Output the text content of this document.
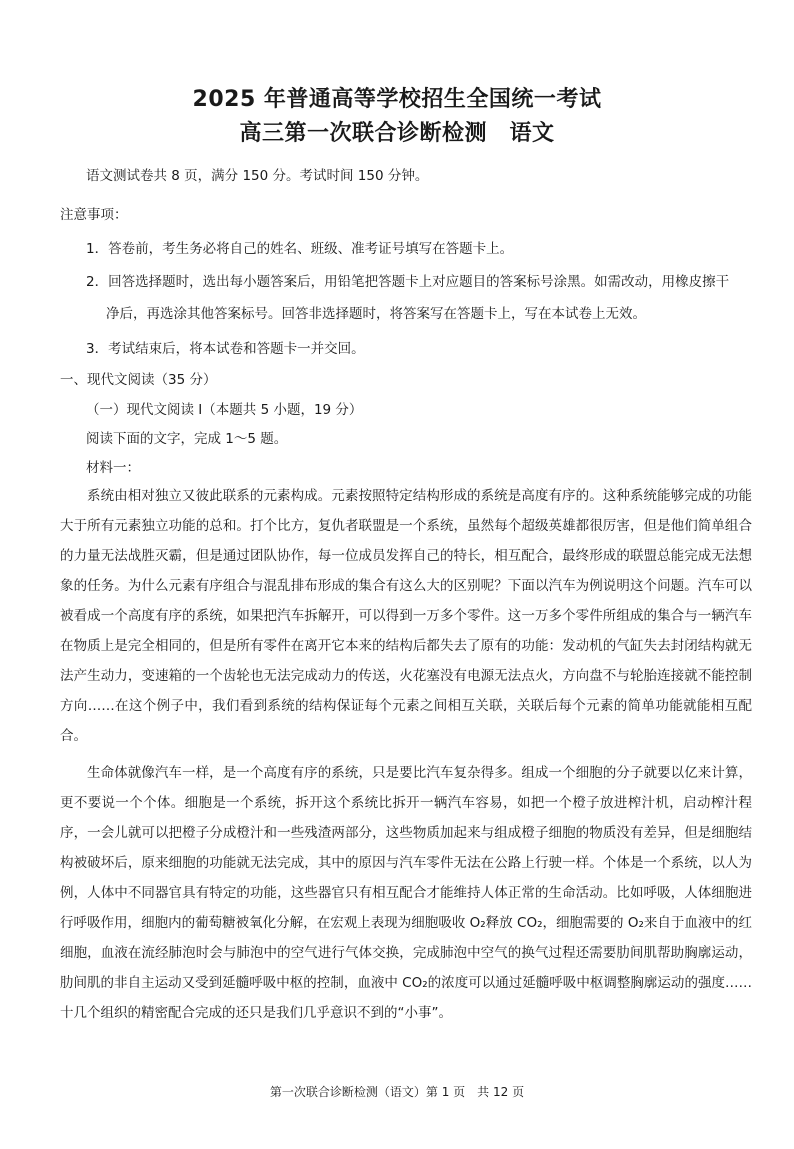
2025 年普通高等学校招生全国统一考试
高三第一次联合诊断检测　语文
语文测试卷共 8 页，满分 150 分。考试时间 150 分钟。
注意事项：
1．答卷前，考生务必将自己的姓名、班级、准考证号填写在答题卡上。
2．回答选择题时，选出每小题答案后，用铅笔把答题卡上对应题目的答案标号涂黑。如需改动，用橡皮擦干
净后，再选涂其他答案标号。回答非选择题时，将答案写在答题卡上，写在本试卷上无效。
3．考试结束后，将本试卷和答题卡一并交回。
一、现代文阅读（35 分）
（一）现代文阅读 I（本题共 5 小题，19 分）
阅读下面的文字，完成 1～5 题。
材料一：

系统由相对独立又彼此联系的元素构成。元素按照特定结构形成的系统是高度有序的。这种系统能够完成的功能大于所有元素独立功能的总和。打个比方，复仇者联盟是一个系统，虽然每个超级英雄都很厉害，但是他们简单组合的力量无法战胜灭霸，但是通过团队协作，每一位成员发挥自己的特长，相互配合，最终形成的联盟总能完成无法想象的任务。为什么元素有序组合与混乱排布形成的集合有这么大的区别呢？下面以汽车为例说明这个问题。汽车可以被看成一个高度有序的系统，如果把汽车拆解开，可以得到一万多个零件。这一万多个零件所组成的集合与一辆汽车在物质上是完全相同的，但是所有零件在离开它本来的结构后都失去了原有的功能：发动机的气缸失去封闭结构就无法产生动力，变速箱的一个齿轮也无法完成动力的传送，火花塞没有电源无法点火，方向盘不与轮胎连接就不能控制方向……在这个例子中，我们看到系统的结构保证每个元素之间相互关联，关联后每个元素的简单功能就能相互配合。

生命体就像汽车一样，是一个高度有序的系统，只是要比汽车复杂得多。组成一个细胞的分子就要以亿来计算，更不要说一个个体。细胞是一个系统，拆开这个系统比拆开一辆汽车容易，如把一个橙子放进榨汁机，启动榨汁程序，一会儿就可以把橙子分成橙汁和一些残渣两部分，这些物质加起来与组成橙子细胞的物质没有差异，但是细胞结构被破坏后，原来细胞的功能就无法完成，其中的原因与汽车零件无法在公路上行驶一样。个体是一个系统，以人为例，人体中不同器官具有特定的功能，这些器官只有相互配合才能维持人体正常的生命活动。比如呼吸，人体细胞进行呼吸作用，细胞内的葡萄糖被氧化分解，在宏观上表现为细胞吸收 O₂释放 CO₂，细胞需要的 O₂来自于血液中的红细胞，血液在流经肺泡时会与肺泡中的空气进行气体交换，完成肺泡中空气的换气过程还需要肋间肌帮助胸廓运动，肋间肌的非自主运动又受到延髓呼吸中枢的控制，血液中 CO₂的浓度可以通过延髓呼吸中枢调整胸廓运动的强度……十几个组织的精密配合完成的还只是我们几乎意识不到的“小事”。

第一次联合诊断检测（语文）第 1 页　共 12 页
